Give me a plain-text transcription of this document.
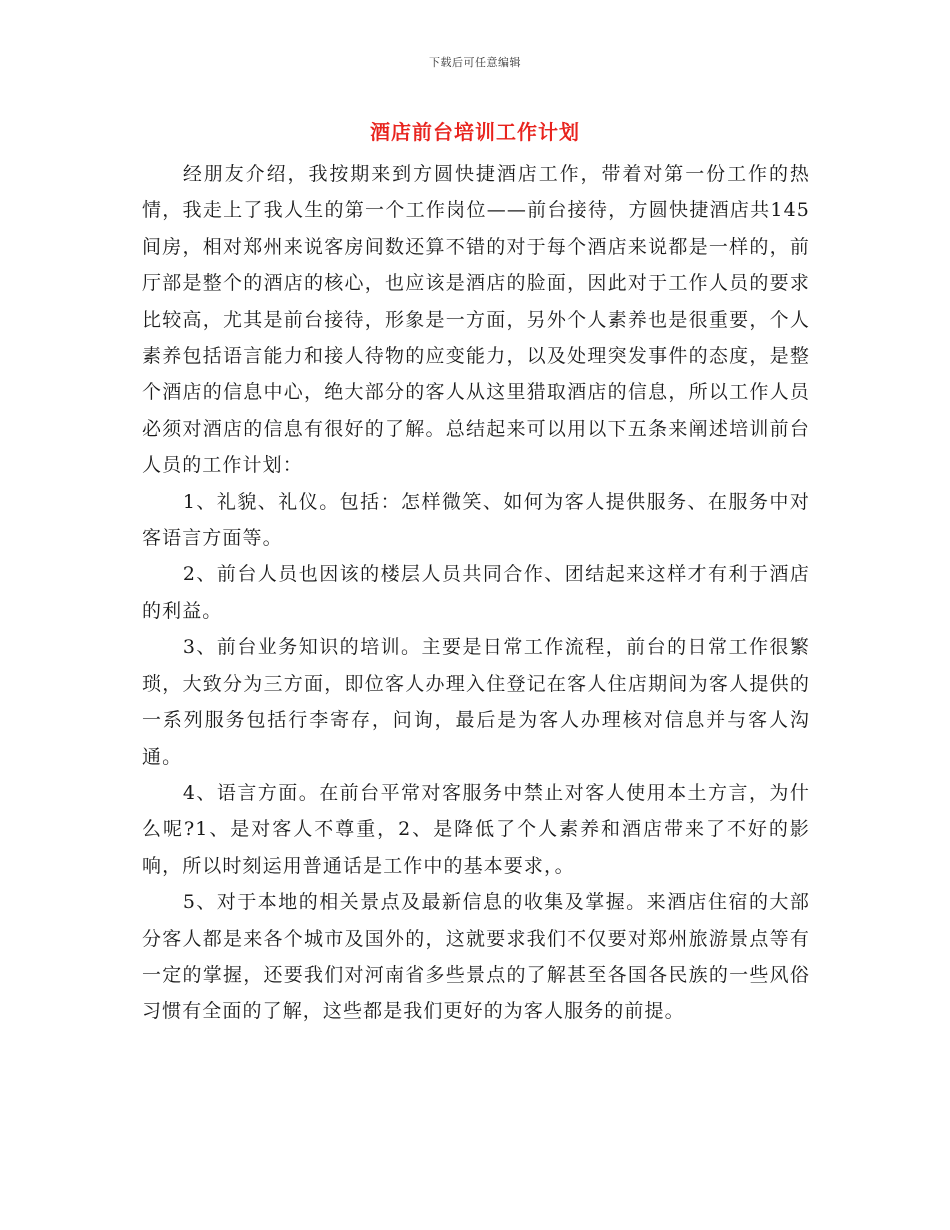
下载后可任意编辑
酒店前台培训工作计划

经朋友介绍，我按期来到方圆快捷酒店工作，带着对第一份工作的热情，我走上了我人生的第一个工作岗位——前台接待，方圆快捷酒店共145间房，相对郑州来说客房间数还算不错的对于每个酒店来说都是一样的，前厅部是整个的酒店的核心，也应该是酒店的脸面，因此对于工作人员的要求比较高，尤其是前台接待，形象是一方面，另外个人素养也是很重要，个人素养包括语言能力和接人待物的应变能力，以及处理突发事件的态度，是整个酒店的信息中心，绝大部分的客人从这里猎取酒店的信息，所以工作人员必须对酒店的信息有很好的了解。总结起来可以用以下五条来阐述培训前台人员的工作计划：

1、礼貌、礼仪。包括：怎样微笑、如何为客人提供服务、在服务中对客语言方面等。

2、前台人员也因该的楼层人员共同合作、团结起来这样才有利于酒店的利益。

3、前台业务知识的培训。主要是日常工作流程，前台的日常工作很繁琐，大致分为三方面，即位客人办理入住登记在客人住店期间为客人提供的一系列服务包括行李寄存，问询，最后是为客人办理核对信息并与客人沟通。

4、语言方面。在前台平常对客服务中禁止对客人使用本土方言，为什么呢?1、是对客人不尊重，2、是降低了个人素养和酒店带来了不好的影响，所以时刻运用普通话是工作中的基本要求，。

5、对于本地的相关景点及最新信息的收集及掌握。来酒店住宿的大部分客人都是来各个城市及国外的，这就要求我们不仅要对郑州旅游景点等有一定的掌握，还要我们对河南省多些景点的了解甚至各国各民族的一些风俗习惯有全面的了解，这些都是我们更好的为客人服务的前提。
